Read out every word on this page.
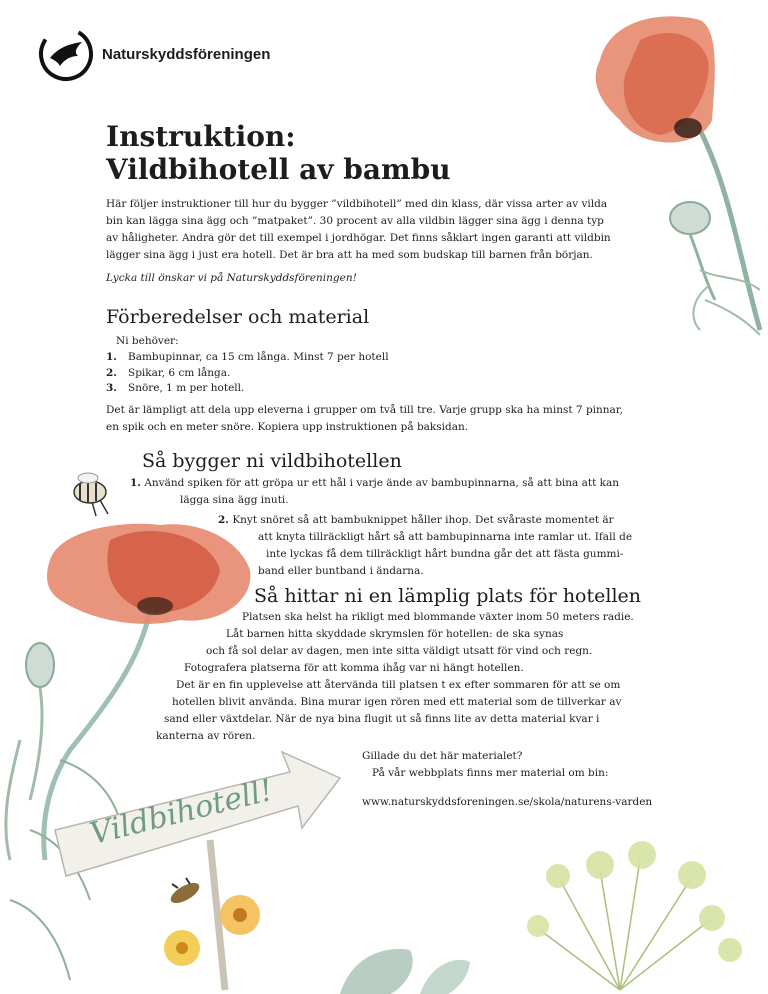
Naturskyddsföreningen
Instruktion:
Vildbihotell av bambu

Här följer instruktioner till hur du bygger ”vildbihotell” med din klass, där vissa arter av vilda

bin kan lägga sina ägg och ”matpaket”. 30 procent av alla vildbin lägger sina ägg i denna typ

av håligheter. Andra gör det till exempel i jordhögar. Det finns såklart ingen garanti att vildbin

lägger sina ägg i just era hotell. Det är bra att ha med som budskap till barnen från början.

Lycka till önskar vi på Naturskyddsföreningen!

Förberedelser och material

Ni behöver:

1. Bambupinnar, ca 15 cm långa. Minst 7 per hotell
2. Spikar, 6 cm långa.
3. Snöre, 1 m per hotell.

Det är lämpligt att dela upp eleverna i grupper om två till tre. Varje grupp ska ha minst 7 pinnar,

en spik och en meter snöre. Kopiera upp instruktionen på baksidan.

Så bygger ni vildbihotellen

1. Använd spiken för att gröpa ur ett hål i varje ände av bambupinnarna, så att bina att kan

lägga sina ägg inuti.

2. Knyt snöret så att bambuknippet håller ihop. Det svåraste momentet är

att knyta tillräckligt hårt så att bambupinnarna inte ramlar ut. Ifall de

inte lyckas få dem tillräckligt hårt bundna går det att fästa gummi-

band eller buntband i ändarna.

Så hittar ni en lämplig plats för hotellen

Platsen ska helst ha rikligt med blommande växter inom 50 meters radie.

Låt barnen hitta skyddade skrymslen för hotellen: de ska synas

och få sol delar av dagen, men inte sitta väldigt utsatt för vind och regn.

Fotografera platserna för att komma ihåg var ni hängt hotellen.

Det är en fin upplevelse att återvända till platsen t ex efter sommaren för att se om

hotellen blivit använda. Bina murar igen rören med ett material som de tillverkar av

sand eller växtdelar. När de nya bina flugit ut så finns lite av detta material kvar i

kanterna av rören.

Gillade du det här materialet?

På vår webbplats finns mer material om bin:

www.naturskyddsforeningen.se/skola/naturens-varden

Vildbihotell!
